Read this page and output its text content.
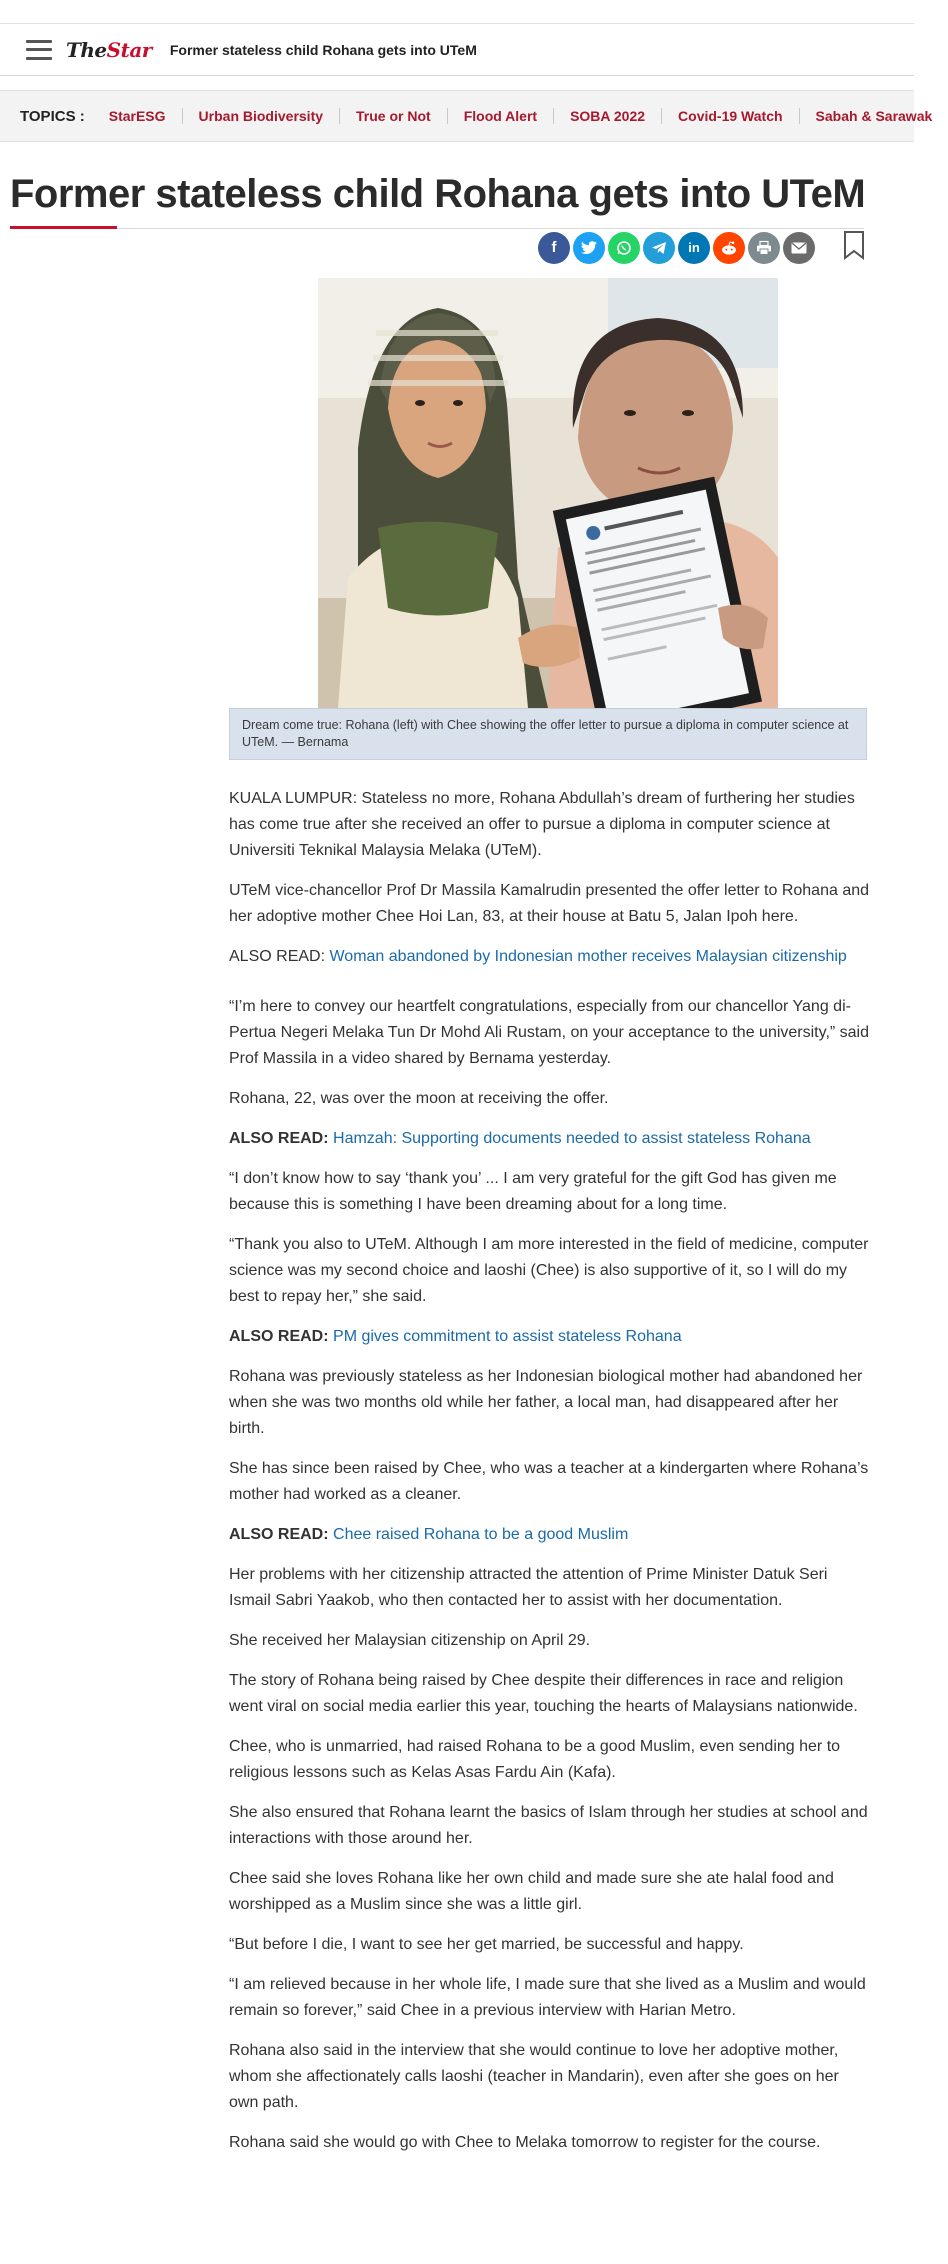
TheStar Former stateless child Rohana gets into UTeM
TOPICS :	StarESG	Urban Biodiversity	True or Not	Flood Alert	SOBA 2022	Covid-19 Watch	Sabah & Sarawak
Former stateless child Rohana gets into UTeM
f	in
Dream come true: Rohana (left) with Chee showing the offer letter to pursue a diploma in computer science at UTeM. — Bernama

KUALA LUMPUR: Stateless no more, Rohana Abdullah’s dream of furthering her studies has come true after she received an offer to pursue a diploma in computer science at Universiti Teknikal Malaysia Melaka (UTeM).

UTeM vice-chancellor Prof Dr Massila Kamalrudin presented the offer letter to Rohana and her adoptive mother Chee Hoi Lan, 83, at their house at Batu 5, Jalan Ipoh here.

ALSO READ: Woman abandoned by Indonesian mother receives Malaysian citizenship

“I’m here to convey our heartfelt congratulations, especially from our chancellor Yang di-Pertua Negeri Melaka Tun Dr Mohd Ali Rustam, on your acceptance to the university,” said Prof Massila in a video shared by Bernama yesterday.

Rohana, 22, was over the moon at receiving the offer.

ALSO READ: Hamzah: Supporting documents needed to assist stateless Rohana

“I don’t know how to say ‘thank you’ ... I am very grateful for the gift God has given me because this is something I have been dreaming about for a long time.

“Thank you also to UTeM. Although I am more interested in the field of medicine, computer science was my second choice and laoshi (Chee) is also supportive of it, so I will do my best to repay her,” she said.

ALSO READ: PM gives commitment to assist stateless Rohana

Rohana was previously stateless as her Indonesian biological mother had abandoned her when she was two months old while her father, a local man, had disappeared after her birth.

She has since been raised by Chee, who was a teacher at a kindergarten where Rohana’s mother had worked as a cleaner.

ALSO READ: Chee raised Rohana to be a good Muslim

Her problems with her citizenship attracted the attention of Prime Minister Datuk Seri Ismail Sabri Yaakob, who then contacted her to assist with her documentation.

She received her Malaysian citizenship on April 29.

The story of Rohana being raised by Chee despite their differences in race and religion went viral on social media earlier this year, touching the hearts of Malaysians nationwide.

Chee, who is unmarried, had raised Rohana to be a good Muslim, even sending her to religious lessons such as Kelas Asas Fardu Ain (Kafa).

She also ensured that Rohana learnt the basics of Islam through her studies at school and interactions with those around her.

Chee said she loves Rohana like her own child and made sure she ate halal food and worshipped as a Muslim since she was a little girl.

“But before I die, I want to see her get married, be successful and happy.

“I am relieved because in her whole life, I made sure that she lived as a Muslim and would remain so forever,” said Chee in a previous interview with Harian Metro.

Rohana also said in the interview that she would continue to love her adoptive mother, whom she affectionately calls laoshi (teacher in Mandarin), even after she goes on her own path.

Rohana said she would go with Chee to Melaka tomorrow to register for the course.
